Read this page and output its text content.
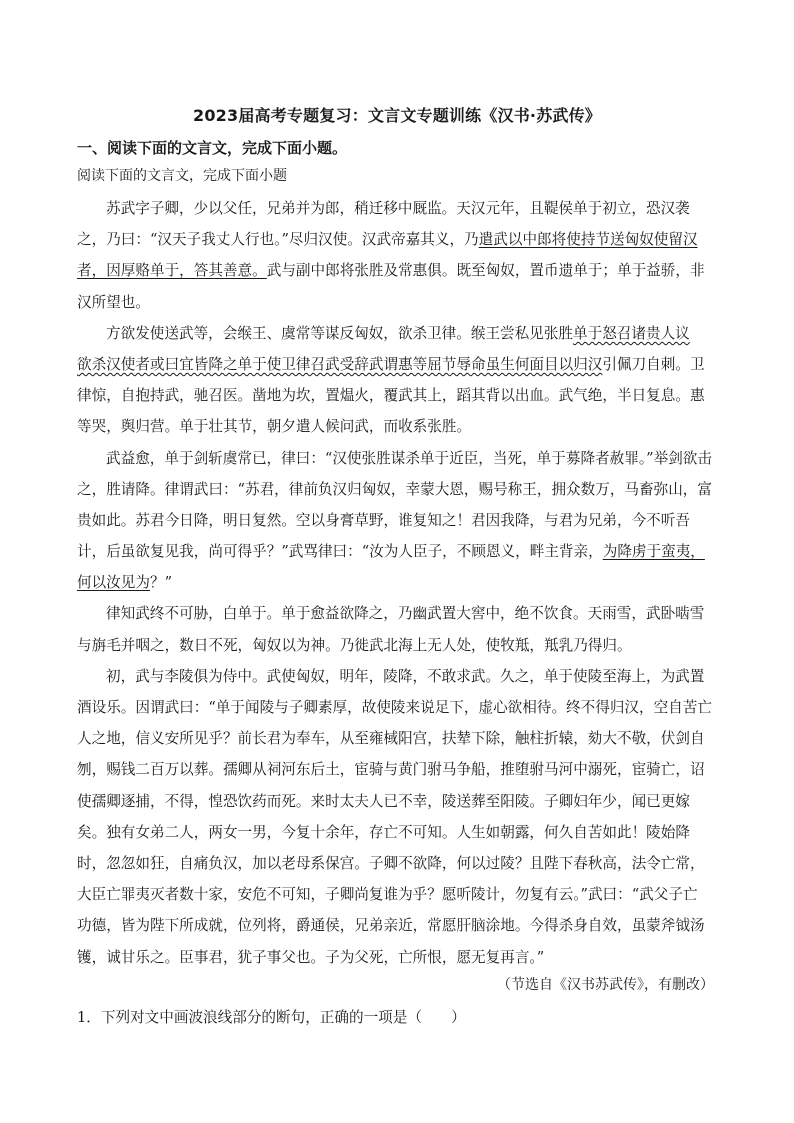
2023届高考专题复习：文言文专题训练《汉书·苏武传》
一、阅读下面的文言文，完成下面小题。
阅读下面的文言文，完成下面小题
苏武字子卿，少以父任，兄弟并为郎，稍迁移中厩监。天汉元年，且鞮侯单于初立，恐汉袭
之，乃曰：“汉天子我丈人行也。”尽归汉使。汉武帝嘉其义，乃遣武以中郎将使持节送匈奴使留汉
者，因厚赂单于，答其善意。武与副中郎将张胜及常惠俱。既至匈奴，置币遗单于；单于益骄，非
汉所望也。
方欲发使送武等，会缑王、虞常等谋反匈奴，欲杀卫律。缑王尝私见张胜单于怒召诸贵人议
欲杀汉使者或曰宜皆降之单于使卫律召武受辞武谓惠等屈节辱命虽生何面目以归汉引佩刀自刺。卫
律惊，自抱持武，驰召医。凿地为坎，置煴火，覆武其上，蹈其背以出血。武气绝，半日复息。惠
等哭，舆归营。单于壮其节，朝夕遣人候问武，而收系张胜。
武益愈，单于剑斩虞常已，律曰：“汉使张胜谋杀单于近臣，当死，单于募降者赦罪。”举剑欲击
之，胜请降。律谓武曰：“苏君，律前负汉归匈奴，幸蒙大恩，赐号称王，拥众数万，马畜弥山，富
贵如此。苏君今日降，明日复然。空以身膏草野，谁复知之！君因我降，与君为兄弟，今不听吾
计，后虽欲复见我，尚可得乎？”武骂律曰：“汝为人臣子，不顾恩义，畔主背亲，为降虏于蛮夷，
何以汝见为？”
律知武终不可胁，白单于。单于愈益欲降之，乃幽武置大窖中，绝不饮食。天雨雪，武卧啮雪
与旃毛并咽之，数日不死，匈奴以为神。乃徙武北海上无人处，使牧羝，羝乳乃得归。
初，武与李陵俱为侍中。武使匈奴，明年，陵降，不敢求武。久之，单于使陵至海上，为武置
酒设乐。因谓武曰：“单于闻陵与子卿素厚，故使陵来说足下，虚心欲相待。终不得归汉，空自苦亡
人之地，信义安所见乎？前长君为奉车，从至雍棫阳宫，扶辇下除，触柱折辕，劾大不敬，伏剑自
刎，赐钱二百万以葬。孺卿从祠河东后土，宦骑与黄门驸马争船，推堕驸马河中溺死，宦骑亡，诏
使孺卿逐捕，不得，惶恐饮药而死。来时太夫人已不幸，陵送葬至阳陵。子卿妇年少，闻已更嫁
矣。独有女弟二人，两女一男，今复十余年，存亡不可知。人生如朝露，何久自苦如此！陵始降
时，忽忽如狂，自痛负汉，加以老母系保宫。子卿不欲降，何以过陵？且陛下春秋高，法令亡常，
大臣亡罪夷灭者数十家，安危不可知，子卿尚复谁为乎？愿听陵计，勿复有云。”武曰：“武父子亡
功德，皆为陛下所成就，位列将，爵通侯，兄弟亲近，常愿肝脑涂地。今得杀身自效，虽蒙斧钺汤
镬，诚甘乐之。臣事君，犹子事父也。子为父死，亡所恨，愿无复再言。”
（节选自《汉书苏武传》，有删改）
1．下列对文中画波浪线部分的断句，正确的一项是（　　）
